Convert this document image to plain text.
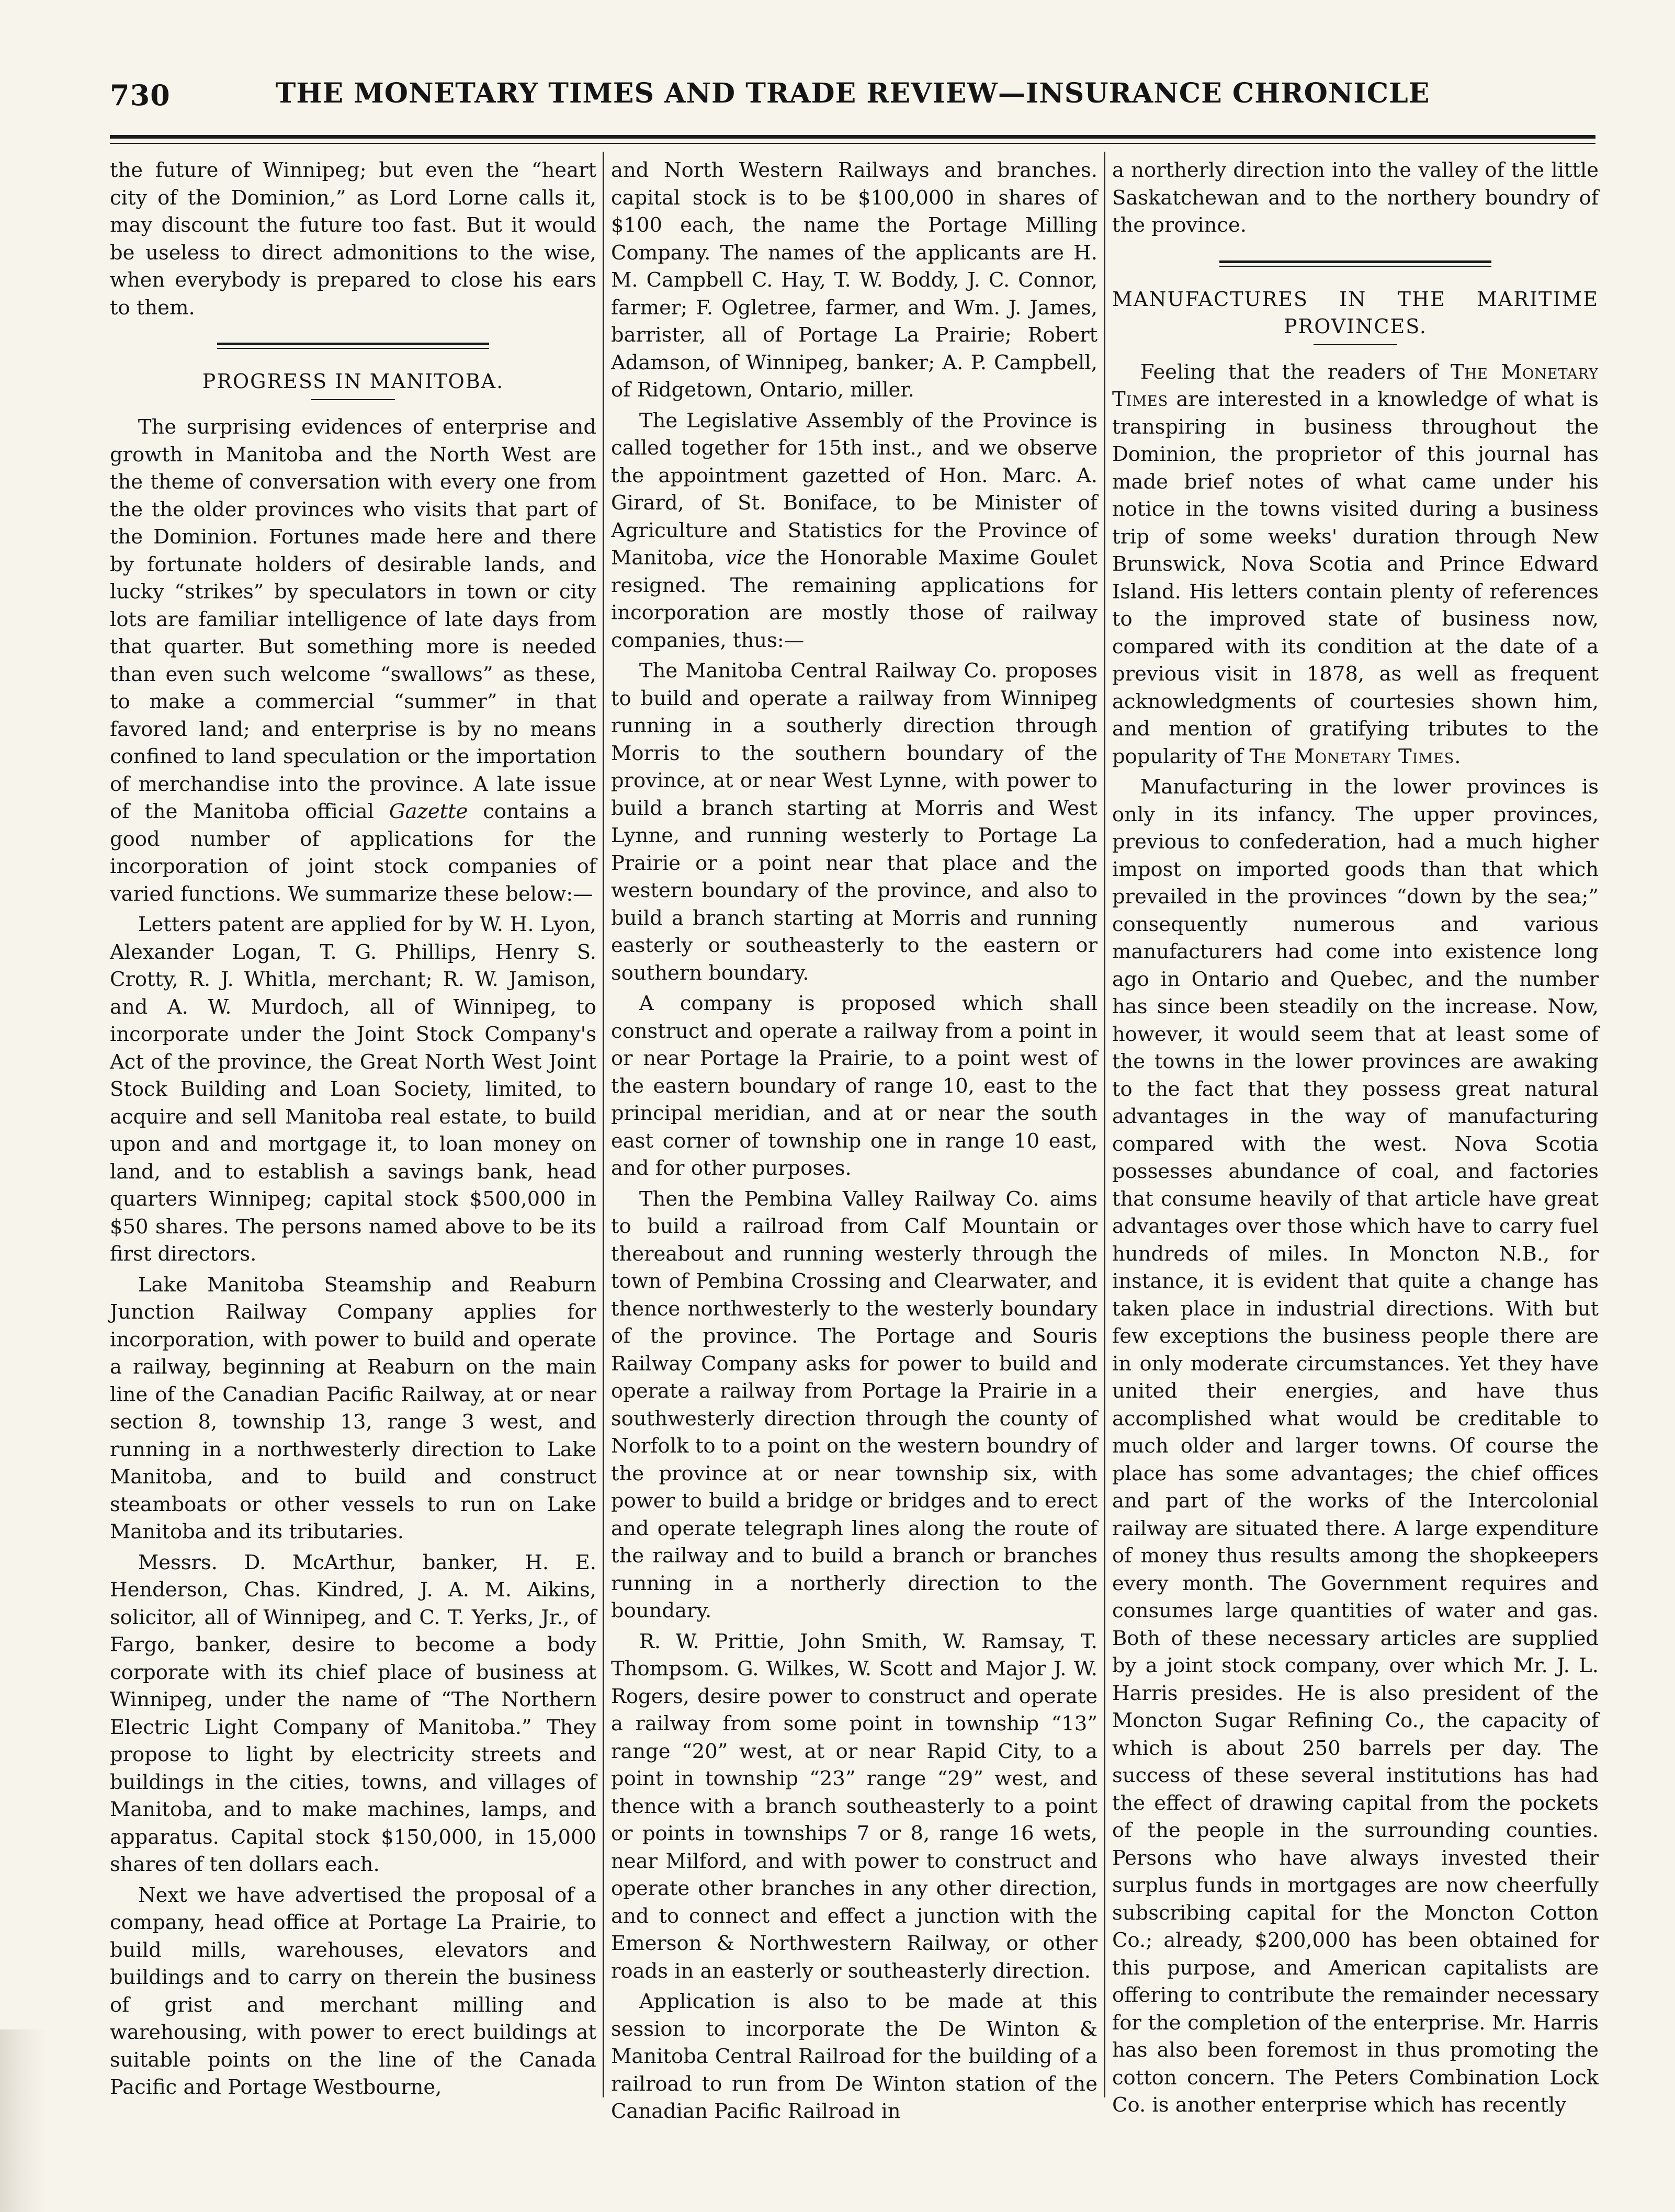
730	THE MONETARY TIMES AND TRADE REVIEW—INSURANCE CHRONICLE

the future of Winnipeg; but even the “heart city of the Dominion,” as Lord Lorne calls it, may discount the future too fast. But it would be useless to direct admonitions to the wise, when everybody is prepared to close his ears to them.

PROGRESS IN MANITOBA.

The surprising evidences of enterprise and growth in Manitoba and the North West are the theme of conversation with every one from the the older provinces who visits that part of the Dominion. Fortunes made here and there by fortunate holders of desirable lands, and lucky “strikes” by speculators in town or city lots are familiar intelligence of late days from that quarter. But something more is needed than even such welcome “swallows” as these, to make a commercial “summer” in that favored land; and enterprise is by no means confined to land speculation or the importation of merchandise into the province. A late issue of the Manitoba official Gazette contains a good number of applications for the incorporation of joint stock companies of varied functions. We summarize these below:—

Letters patent are applied for by W. H. Lyon, Alexander Logan, T. G. Phillips, Henry S. Crotty, R. J. Whitla, merchant; R. W. Jamison, and A. W. Murdoch, all of Winnipeg, to incorporate under the Joint Stock Company's Act of the province, the Great North West Joint Stock Building and Loan Society, limited, to acquire and sell Manitoba real estate, to build upon and and mortgage it, to loan money on land, and to establish a savings bank, head quarters Winnipeg; capital stock $500,000 in $50 shares. The persons named above to be its first directors.

Lake Manitoba Steamship and Reaburn Junction Railway Company applies for incorporation, with power to build and operate a railway, beginning at Reaburn on the main line of the Canadian Pacific Railway, at or near section 8, township 13, range 3 west, and running in a northwesterly direction to Lake Manitoba, and to build and construct steamboats or other vessels to run on Lake Manitoba and its tributaries.

Messrs. D. McArthur, banker, H. E. Henderson, Chas. Kindred, J. A. M. Aikins, solicitor, all of Winnipeg, and C. T. Yerks, Jr., of Fargo, banker, desire to become a body corporate with its chief place of business at Winnipeg, under the name of “The Northern Electric Light Company of Manitoba.” They propose to light by electricity streets and buildings in the cities, towns, and villages of Manitoba, and to make machines, lamps, and apparatus. Capital stock $150,000, in 15,000 shares of ten dollars each.

Next we have advertised the proposal of a company, head office at Portage La Prairie, to build mills, warehouses, elevators and buildings and to carry on therein the business of grist and merchant milling and warehousing, with power to erect buildings at suitable points on the line of the Canada Pacific and Portage Westbourne,

and North Western Railways and branches. capital stock is to be $100,000 in shares of $100 each, the name the Portage Milling Company. The names of the applicants are H. M. Campbell C. Hay, T. W. Boddy, J. C. Connor, farmer; F. Ogletree, farmer, and Wm. J. James, barrister, all of Portage La Prairie; Robert Adamson, of Winnipeg, banker; A. P. Campbell, of Ridgetown, Ontario, miller.

The Legislative Assembly of the Province is called together for 15th inst., and we observe the appointment gazetted of Hon. Marc. A. Girard, of St. Boniface, to be Minister of Agriculture and Statistics for the Province of Manitoba, vice the Honorable Maxime Goulet resigned. The remaining applications for incorporation are mostly those of railway companies, thus:—

The Manitoba Central Railway Co. proposes to build and operate a railway from Winnipeg running in a southerly direction through Morris to the southern boundary of the province, at or near West Lynne, with power to build a branch starting at Morris and West Lynne, and running westerly to Portage La Prairie or a point near that place and the western boundary of the province, and also to build a branch starting at Morris and running easterly or southeasterly to the eastern or southern boundary.

A company is proposed which shall construct and operate a railway from a point in or near Portage la Prairie, to a point west of the eastern boundary of range 10, east to the principal meridian, and at or near the south east corner of township one in range 10 east, and for other purposes.

Then the Pembina Valley Railway Co. aims to build a railroad from Calf Mountain or thereabout and running westerly through the town of Pembina Crossing and Clearwater, and thence northwesterly to the westerly boundary of the province. The Portage and Souris Railway Company asks for power to build and operate a railway from Portage la Prairie in a southwesterly direction through the county of Norfolk to to a point on the western boundry of the province at or near township six, with power to build a bridge or bridges and to erect and operate telegraph lines along the route of the railway and to build a branch or branches running in a northerly direction to the boundary.

R. W. Prittie, John Smith, W. Ramsay, T. Thompsom. G. Wilkes, W. Scott and Major J. W. Rogers, desire power to construct and operate a railway from some point in township “13” range “20” west, at or near Rapid City, to a point in township “23” range “29” west, and thence with a branch southeasterly to a point or points in townships 7 or 8, range 16 wets, near Milford, and with power to construct and operate other branches in any other direction, and to connect and effect a junction with the Emerson & Northwestern Railway, or other roads in an easterly or southeasterly direction.

Application is also to be made at this session to incorporate the De Winton & Manitoba Central Railroad for the building of a railroad to run from De Winton station of the Canadian Pacific Railroad in

a northerly direction into the valley of the little Saskatchewan and to the northery boundry of the province.

MANUFACTURES IN THE MARITIME PROVINCES.

Feeling that the readers of The Monetary Times are interested in a knowledge of what is transpiring in business throughout the Dominion, the proprietor of this journal has made brief notes of what came under his notice in the towns visited during a business trip of some weeks' duration through New Brunswick, Nova Scotia and Prince Edward Island. His letters contain plenty of references to the improved state of business now, compared with its condition at the date of a previous visit in 1878, as well as frequent acknowledgments of courtesies shown him, and mention of gratifying tributes to the popularity of The Monetary Times.

Manufacturing in the lower provinces is only in its infancy. The upper provinces, previous to confederation, had a much higher impost on imported goods than that which prevailed in the provinces “down by the sea;” consequently numerous and various manufacturers had come into existence long ago in Ontario and Quebec, and the number has since been steadily on the increase. Now, however, it would seem that at least some of the towns in the lower provinces are awaking to the fact that they possess great natural advantages in the way of manufacturing compared with the west. Nova Scotia possesses abundance of coal, and factories that consume heavily of that article have great advantages over those which have to carry fuel hundreds of miles. In Moncton N.B., for instance, it is evident that quite a change has taken place in industrial directions. With but few exceptions the business people there are in only moderate circumstances. Yet they have united their energies, and have thus accomplished what would be creditable to much older and larger towns. Of course the place has some advantages; the chief offices and part of the works of the Intercolonial railway are situated there. A large expenditure of money thus results among the shopkeepers every month. The Government requires and consumes large quantities of water and gas. Both of these necessary articles are supplied by a joint stock company, over which Mr. J. L. Harris presides. He is also president of the Moncton Sugar Refining Co., the capacity of which is about 250 barrels per day. The success of these several institutions has had the effect of drawing capital from the pockets of the people in the surrounding counties. Persons who have always invested their surplus funds in mortgages are now cheerfully subscribing capital for the Moncton Cotton Co.; already, $200,000 has been obtained for this purpose, and American capitalists are offering to contribute the remainder necessary for the completion of the enterprise. Mr. Harris has also been foremost in thus promoting the cotton concern. The Peters Combination Lock Co. is another enterprise which has recently
